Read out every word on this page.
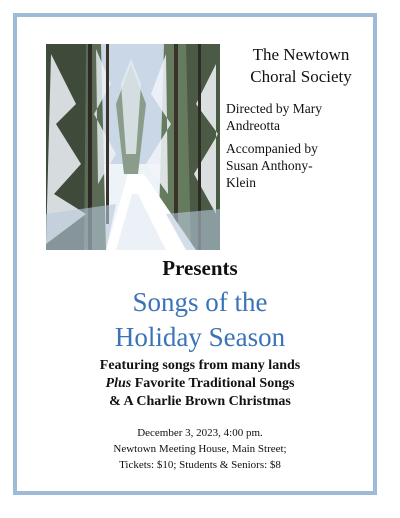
The Newtown
Choral Society
Directed by Mary
Andreotta
Accompanied by
Susan Anthony-
Klein
Presents
Songs of the
Holiday Season
Featuring songs from many lands
Plus Favorite Traditional Songs
& A Charlie Brown Christmas
December 3, 2023, 4:00 pm.
Newtown Meeting House, Main Street;
Tickets: $10; Students & Seniors: $8
